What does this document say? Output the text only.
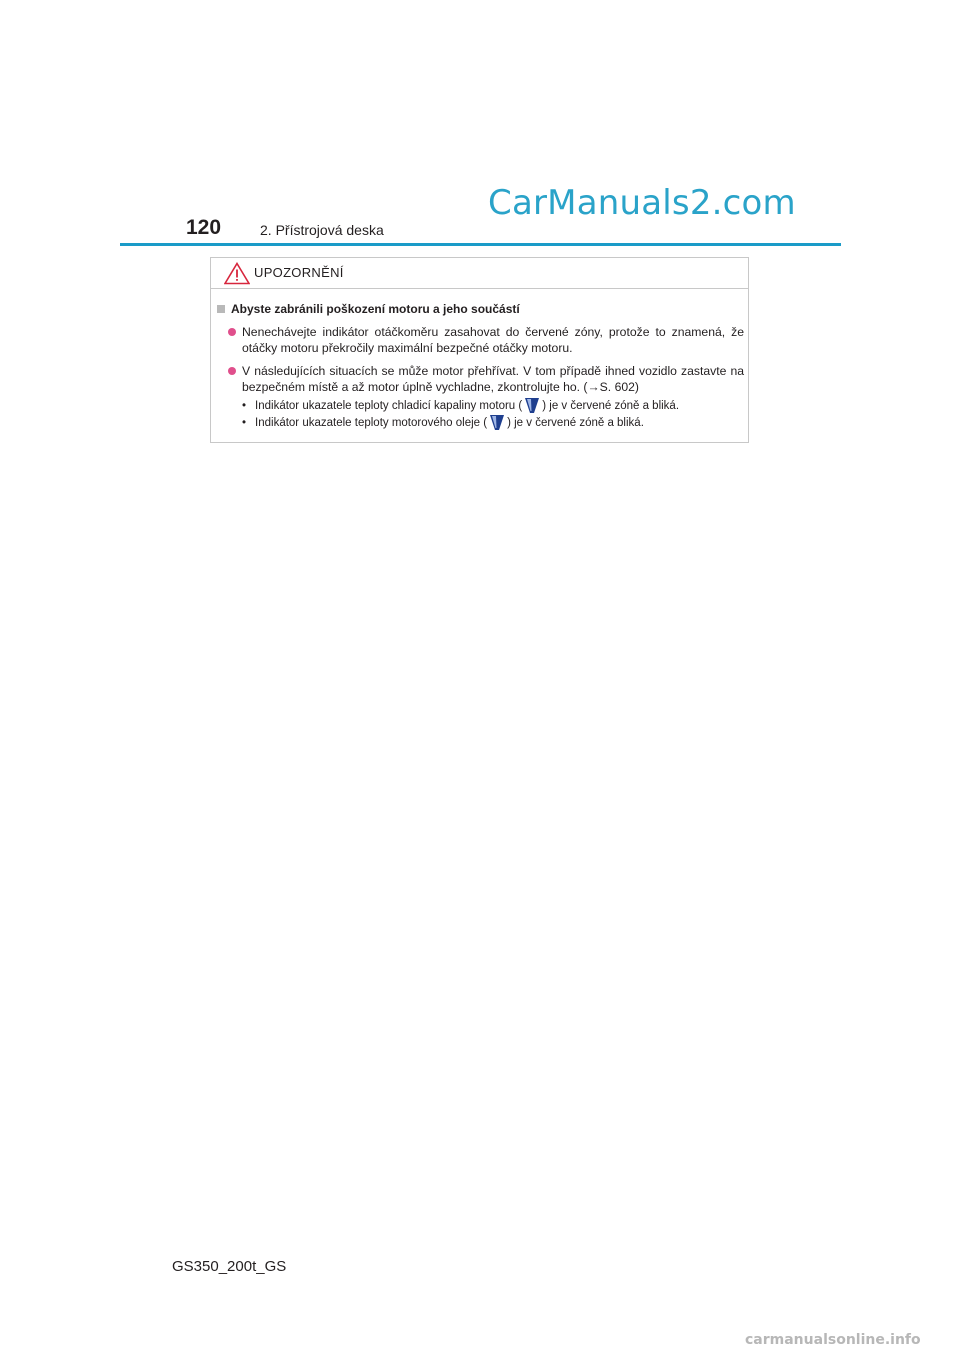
CarManuals2.com
120	2. Přístrojová deska
UPOZORNĚNÍ
Abyste zabránili poškození motoru a jeho součástí
Nenechávejte indikátor otáčkoměru zasahovat do červené zóny, protože to znamená, že otáčky motoru překročily maximální bezpečné otáčky motoru.
V následujících situacích se může motor přehřívat. V tom případě ihned vozidlo zastavte na bezpečném místě a až motor úplně vychladne, zkontrolujte ho. (→S. 602)
• Indikátor ukazatele teploty chladicí kapaliny motoru ( ) je v červené zóně a bliká.
• Indikátor ukazatele teploty motorového oleje ( ) je v červené zóně a bliká.
GS350_200t_GS
carmanualsonline.info
